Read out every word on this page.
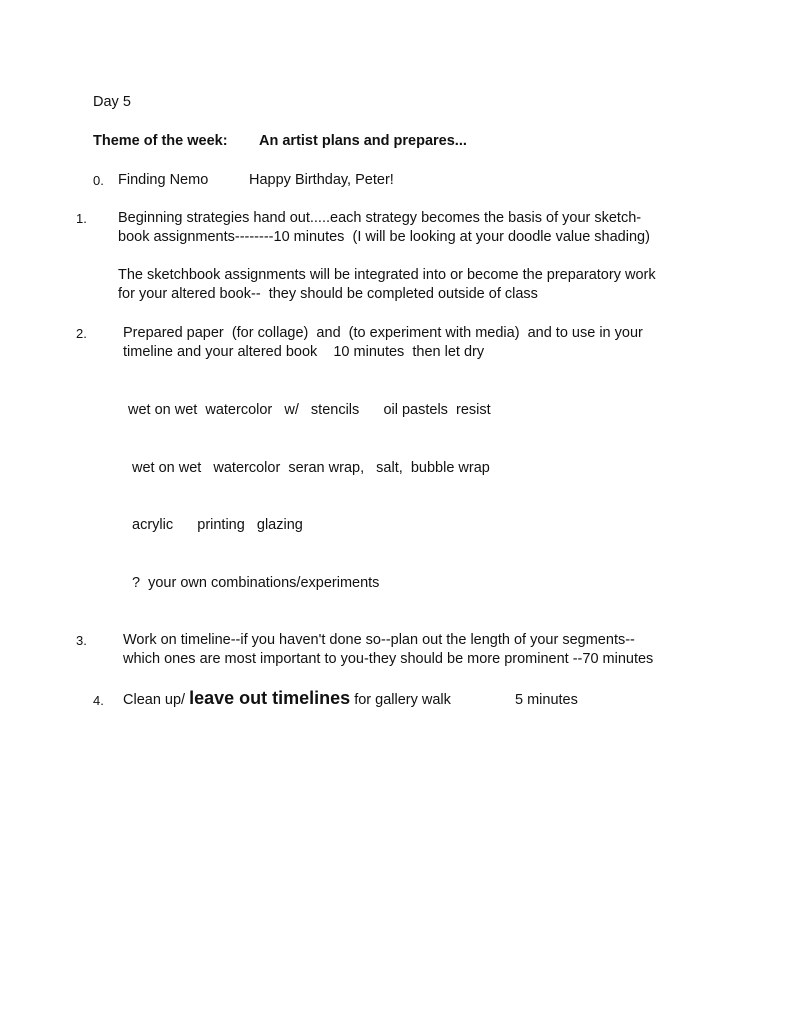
Day 5
Theme of the week: An artist plans and prepares...
0. Finding Nemo	Happy Birthday, Peter!
1. Beginning strategies hand out.....each strategy becomes the basis of your sketch-
book assignments--------10 minutes  (I will be looking at your doodle value shading)
The sketchbook assignments will be integrated into or become the preparatory work
for your altered book--  they should be completed outside of class
2. Prepared paper  (for collage)  and  (to experiment with media)  and to use in your
timeline and your altered book    10 minutes  then let dry
wet on wet  watercolor   w/   stencils      oil pastels  resist
wet on wet   watercolor  seran wrap,   salt,  bubble wrap
acrylic      printing   glazing
?  your own combinations/experiments
3. Work on timeline--if you haven't done so--plan out the length of your segments--
which ones are most important to you-they should be more prominent --70 minutes
4. Clean up/ leave out timelines for gallery walk	5 minutes
